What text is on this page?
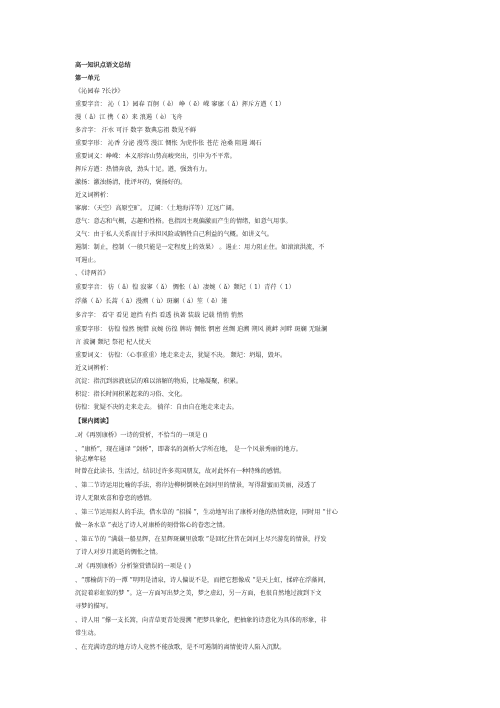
高一知识点语文总结
第一单元
《沁园春 ?长沙》
重要字音： 沁（ 1）园春 百舸（ ě） 峥（ ē）嵘 寥廓（ ǎ）挥斥方遒（ 1）
漫（ ǎ）江 携（ ē）来 浪遏（ è）飞舟
多音字： 汗水 可汗 数字 数典忘祖 数见不鲜
重要字形： 沁香 分泌 漫骂 漫江 惆怅 为虎作伥 苍茫 沧桑 阻遏 竭石
重要词义：峥嵘：本义形容山势高峻突出，引申为不平常。
挥斥方遒：热情奔放，劲头十足。遒，强劲有力。
激扬：激浊扬清，批评坏的，褒扬好的。
近义词辨析：
寥廓：（天空）高原空旷。 辽阔：（土地海洋等）辽远广阔。
意气：意志和气概，志趣和性格。也指因主观偏激而产生的情绪，如意气用事。
义气：由于私人关系而甘于承担风险或牺牲自己利益的气概。如讲义气。
遏制：制止，控制（一般只能是一定程度上的效果） 。遏止：用力阻止住。如滚滚洪流，不
可遏止。
、《诗两首》
重要字音： 彷（ ǎ）徨 寂寥（ ǎ） 惆怅（ à）凄婉（ ǎ）颓圮（ 1）青荇（ 1）
浮藻（ ǎ）长蒿（ ā）漫溯（ ù）斑斓（ á）笙（ ē）箫
多音字： 看守 看见 遮挡 有挡 看透 执著 装载 记载 悄悄 悄然
重要字形： 彷徨 惶然 惋惜 哀婉 彷徨 牌坊 惆怅 惘密 丝绸 迫溯 朔风 挑衅 河畔 斑斓 无耻澜
言 波澜 颓圮 祭祀 杞人忧天
重要词义： 彷徨：（心事重重）地走来走去，犹疑不决。 颓圮：坍塌，毁坏。
近义词辨析：
沉淀：指沉到溶液底层的难以溶解的物质，比喻凝聚，积累。
积淀：指长时间积累起来的习俗、文化。
彷徨：犹疑不决的走来走去。 徜徉：自由自在地走来走去。
【课内阅读】
.对《再别康桥》一诗的赏析，不恰当的一项是 ()
、“康桥”，现在通译 “剑桥”，即著名的剑桥大学所在地， 是一个风景秀丽的地方。
徐志摩年轻
时曾在此读书、生活过，结识过许多英国朋友，故对此怀有一种特殊的感情。
、第二节诗运用比喻的手法，将岸边柳树倒映在剑河里的情景，写得甜蜜而美丽，浸透了
诗人无限欢喜和眷恋的感情。
、第三节运用拟人的手法，借水草的 “招摇 ”，生动地写出了康桥对他的热情欢迎，同时用 “甘心
做一条水草 ”表达了诗人对康桥的刻骨铭心的眷恋之情。
、第五节的 “满载一船星辉，在星辉斑斓里放歌 ”是回忆往昔在剑河上尽兴游览的情景，抒发
了诗人对岁月流逝的惆怅之情。
.对《再别康桥》分析鉴赏错误的一项是 ( )
、“那榆荫下的一潭 ”明明是清泉，诗人偏说不是，而把它想像成 “是天上虹，揉碎在浮藻间，
沉淀着彩虹似的梦 ”。这一方面写出梦之美，梦之虚幻，另一方面，也很自然地过渡到下文
寻梦的描写。
、诗人用 “撑一支长篙，向青草更青处漫溯 ”把梦具象化，把抽象的诗意化为具体的形象，非
常生动。
、在充满诗意的地方诗人竟然不能放歌，是不可遏制的离情使诗人陷入沉默。
